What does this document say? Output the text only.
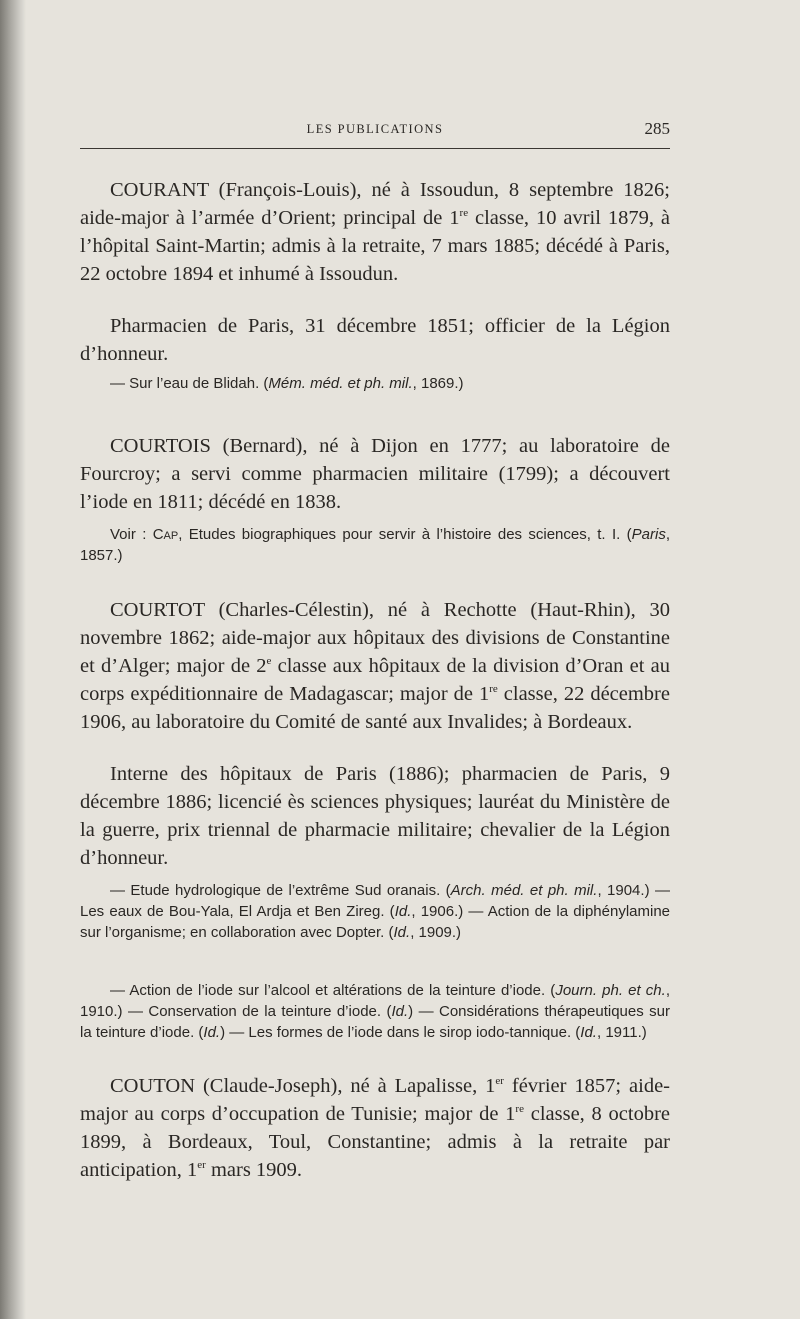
LES PUBLICATIONS	285

COURANT (François-Louis), né à Issoudun, 8 septembre 1826; aide-major à l’armée d’Orient; principal de 1re classe, 10 avril 1879, à l’hôpital Saint-Martin; admis à la retraite, 7 mars 1885; décédé à Paris, 22 octobre 1894 et inhumé à Issoudun.

Pharmacien de Paris, 31 décembre 1851; officier de la Légion d’honneur.

— Sur l’eau de Blidah. (Mém. méd. et ph. mil., 1869.)

COURTOIS (Bernard), né à Dijon en 1777; au laboratoire de Fourcroy; a servi comme pharmacien militaire (1799); a découvert l’iode en 1811; décédé en 1838.

Voir : Cap, Etudes biographiques pour servir à l’histoire des sciences, t. I. (Paris, 1857.)

COURTOT (Charles-Célestin), né à Rechotte (Haut-Rhin), 30 novembre 1862; aide-major aux hôpitaux des divisions de Constantine et d’Alger; major de 2e classe aux hôpitaux de la division d’Oran et au corps expéditionnaire de Madagascar; major de 1re classe, 22 décembre 1906, au laboratoire du Comité de santé aux Invalides; à Bordeaux.

Interne des hôpitaux de Paris (1886); pharmacien de Paris, 9 décembre 1886; licencié ès sciences physiques; lauréat du Ministère de la guerre, prix triennal de pharmacie militaire; chevalier de la Légion d’honneur.

— Etude hydrologique de l’extrême Sud oranais. (Arch. méd. et ph. mil., 1904.) — Les eaux de Bou-Yala, El Ardja et Ben Zireg. (Id., 1906.) — Action de la diphénylamine sur l’organisme; en collaboration avec Dopter. (Id., 1909.)

— Action de l’iode sur l’alcool et altérations de la teinture d’iode. (Journ. ph. et ch., 1910.) — Conservation de la teinture d’iode. (Id.) — Considérations thérapeutiques sur la teinture d’iode. (Id.) — Les formes de l’iode dans le sirop iodo-tannique. (Id., 1911.)

COUTON (Claude-Joseph), né à Lapalisse, 1er février 1857; aide-major au corps d’occupation de Tunisie; major de 1re classe, 8 octobre 1899, à Bordeaux, Toul, Constantine; admis à la retraite par anticipation, 1er mars 1909.
